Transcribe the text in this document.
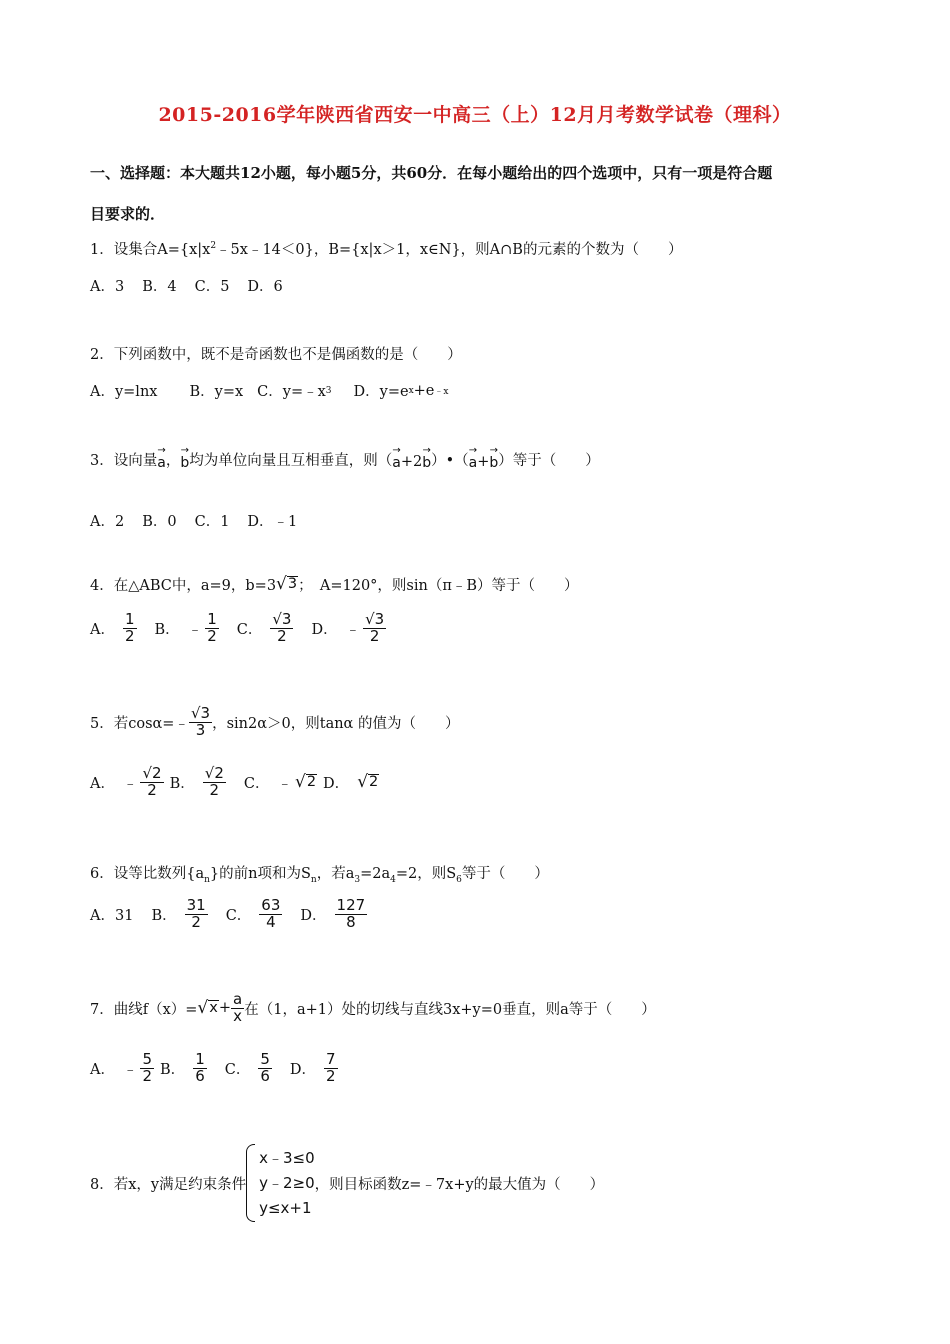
2015-2016学年陕西省西安一中高三（上）12月月考数学试卷（理科）
一、选择题：本大题共12小题，每小题5分，共60分．在每小题给出的四个选项中，只有一项是符合题
目要求的．
1．设集合$A=\{x|x^2﹣5x﹣14<0\}$，B={x|x＞1，x∈N}，则A∩B的元素的个数为（　　）
A．3 B．4 C．5 D．6
2．下列函数中，既不是奇函数也不是偶函数的是（　　）
A．y=lnx B．y=x C．y=﹣x 3 D．y=e x +e ﹣x
3．设向量
→
a ，
→
b 均为单位向量且互相垂直，则（
→
a +2
→
b ）•（
→
a +
→
b ）等于（　　）
A．2 B．0 C．1 D．﹣1
4．在△ABC中，a=9，b=3 √ 3 ；　A=120°，则sin（π﹣B）等于（　　）
A． $\frac{1}{2}$ B． ﹣ $\frac{1}{2}$ C． $\frac{√3}{2}$ D． ﹣ $\frac{√3}{2}$
5．若cosα=﹣ $\frac{√3}{3}$ ，sin2α＞0，则tanα 的值为（　　）
A． ﹣ $\frac{√2}{2}$ B． $\frac{√2}{2}$ C． ﹣ √ 2 D． √ 2
6．设等比数列$\{a_n\}$的前n项和为$S_n$，若$a_3=2a_4=2$，则$S_6$等于（　　）
A．31 B． $\frac{31}{2}$ C． $\frac{63}{4}$ D． $\frac{127}{8}$
7．曲线f（x）= √ $x + \frac{a}{x}$ 在（1，a+1）处的切线与直线3x+y=0垂直，则a等于（　　）
A． ﹣ $\frac{5}{2}$ B． $\frac{1}{6}$ C． $\frac{5}{6}$ D． $\frac{7}{2}$
8．若x，y满足约束条件
x﹣3≤0
y﹣2≥0
y≤x+1
，则目标函数z=﹣7x+y的最大值为（　　）
